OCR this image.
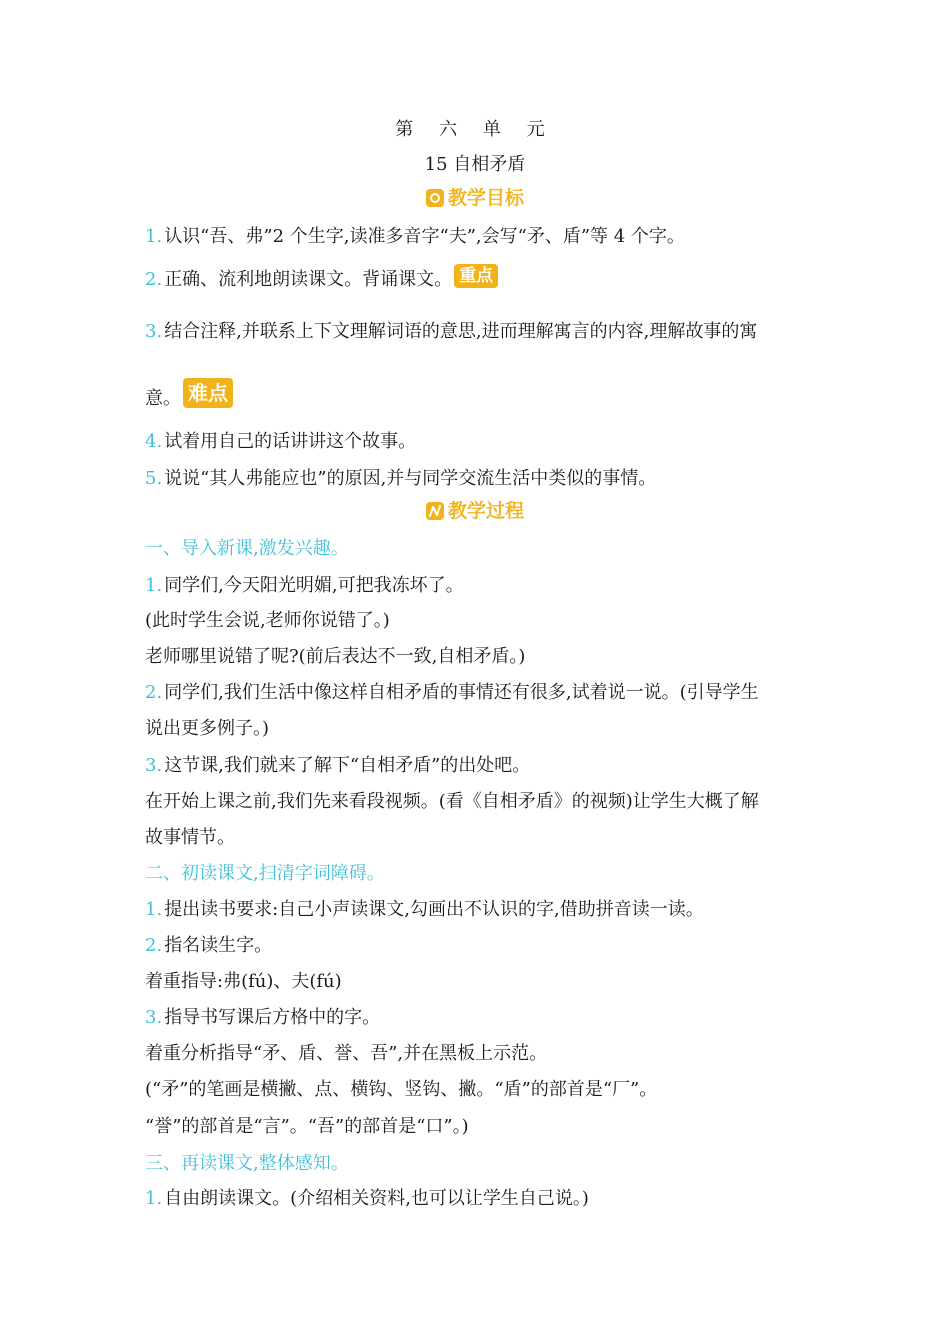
第 六 单 元
15 自相矛盾
教学目标
1. 认识“吾、弗”2 个生字,读准多音字“夫”,会写“矛、盾”等 4 个字。
2. 正确、流利地朗读课文。背诵课文。 重点
3. 结合注释,并联系上下文理解词语的意思,进而理解寓言的内容,理解故事的寓
意。 难点
4. 试着用自己的话讲讲这个故事。
5. 说说“其人弗能应也”的原因,并与同学交流生活中类似的事情。
教学过程
一、导入新课,激发兴趣。
1. 同学们,今天阳光明媚,可把我冻坏了。
(此时学生会说,老师你说错了。)
老师哪里说错了呢?(前后表达不一致,自相矛盾。)
2. 同学们,我们生活中像这样自相矛盾的事情还有很多,试着说一说。(引导学生
说出更多例子。)
3. 这节课,我们就来了解下“自相矛盾”的出处吧。
在开始上课之前,我们先来看段视频。(看《自相矛盾》的视频)让学生大概了解
故事情节。
二、初读课文,扫清字词障碍。
1. 提出读书要求:自己小声读课文,勾画出不认识的字,借助拼音读一读。
2. 指名读生字。
着重指导:弗(fú)、夫(fú)
3. 指导书写课后方格中的字。
着重分析指导“矛、盾、誉、吾”,并在黑板上示范。
(“矛”的笔画是横撇、点、横钩、竖钩、撇。“盾”的部首是“厂”。
“誉”的部首是“言”。“吾”的部首是“口”。)
三、再读课文,整体感知。
1. 自由朗读课文。(介绍相关资料,也可以让学生自己说。)
